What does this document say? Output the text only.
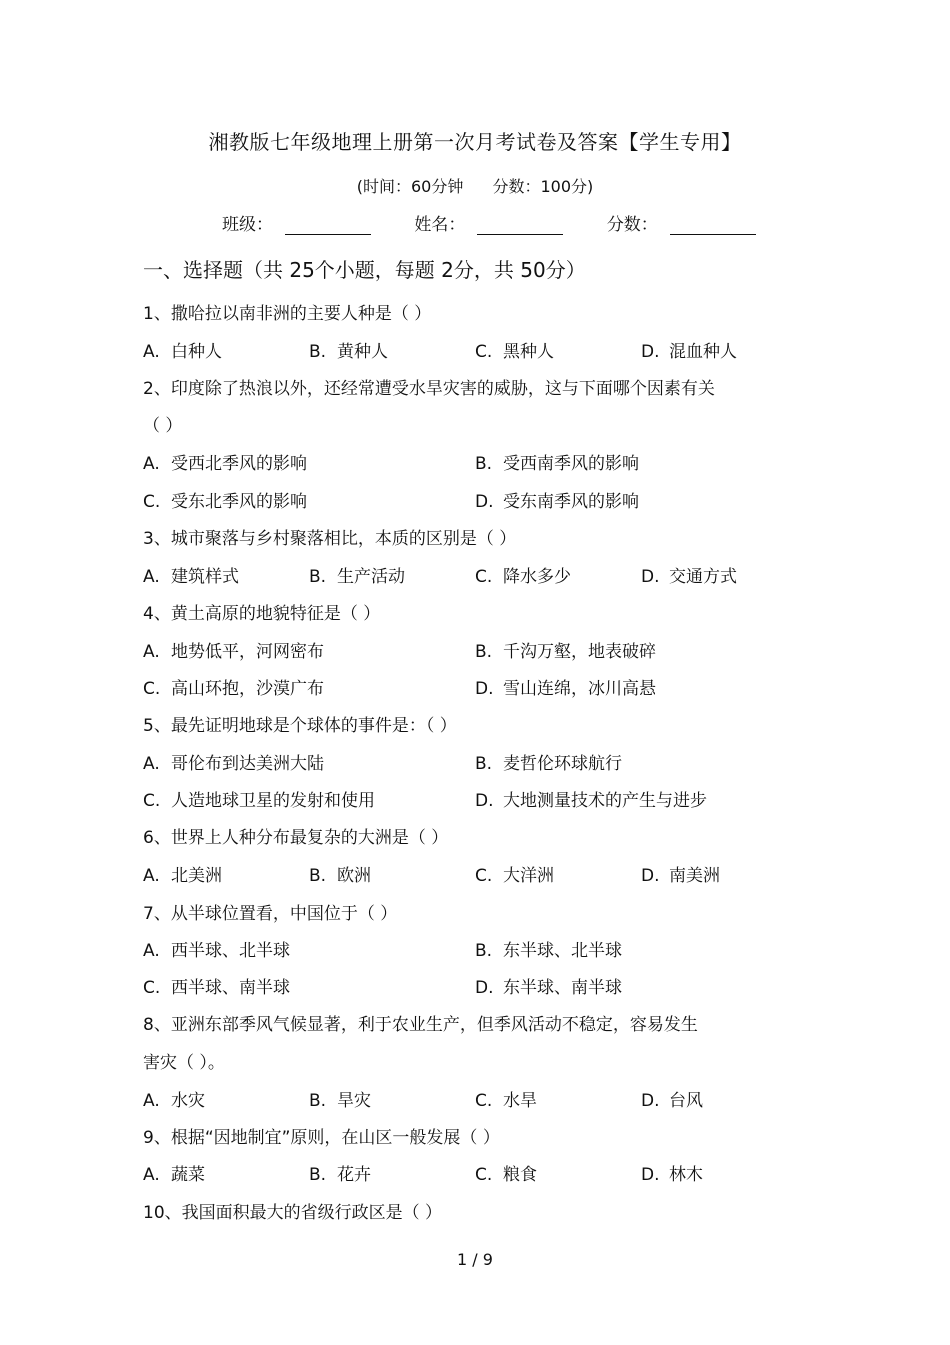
湘教版七年级地理上册第一次月考试卷及答案【学生专用】
(时间：60分钟 分数：100分)
班级：	姓名：	分数：
一、选择题（共 25个小题，每题 2分，共 50分）
1、撒哈拉以南非洲的主要人种是（ ）
A. 白种人	B. 黄种人	C. 黑种人	D. 混血种人
2、印度除了热浪以外，还经常遭受水旱灾害的威胁，这与下面哪个因素有关
（ ）
A. 受西北季风的影响	B. 受西南季风的影响
C. 受东北季风的影响	D. 受东南季风的影响
3、城市聚落与乡村聚落相比，本质的区别是（ ）
A. 建筑样式	B. 生产活动	C. 降水多少	D. 交通方式
4、黄土高原的地貌特征是（ ）
A. 地势低平，河网密布	B. 千沟万壑，地表破碎
C. 高山环抱，沙漠广布	D. 雪山连绵，冰川高悬
5、最先证明地球是个球体的事件是：（ ）
A. 哥伦布到达美洲大陆	B. 麦哲伦环球航行
C. 人造地球卫星的发射和使用	D. 大地测量技术的产生与进步
6、世界上人种分布最复杂的大洲是（ ）
A. 北美洲	B. 欧洲	C. 大洋洲	D. 南美洲
7、从半球位置看，中国位于（ ）
A. 西半球、北半球	B. 东半球、北半球
C. 西半球、南半球	D. 东半球、南半球
8、亚洲东部季风气候显著，利于农业生产，但季风活动不稳定，容易发生
害灾（ ）。
A. 水灾	B. 旱灾	C. 水旱	D. 台风
9、根据“因地制宜”原则，在山区一般发展（ ）
A. 蔬菜	B. 花卉	C. 粮食	D. 林木
10、我国面积最大的省级行政区是（ ）
1 / 9
